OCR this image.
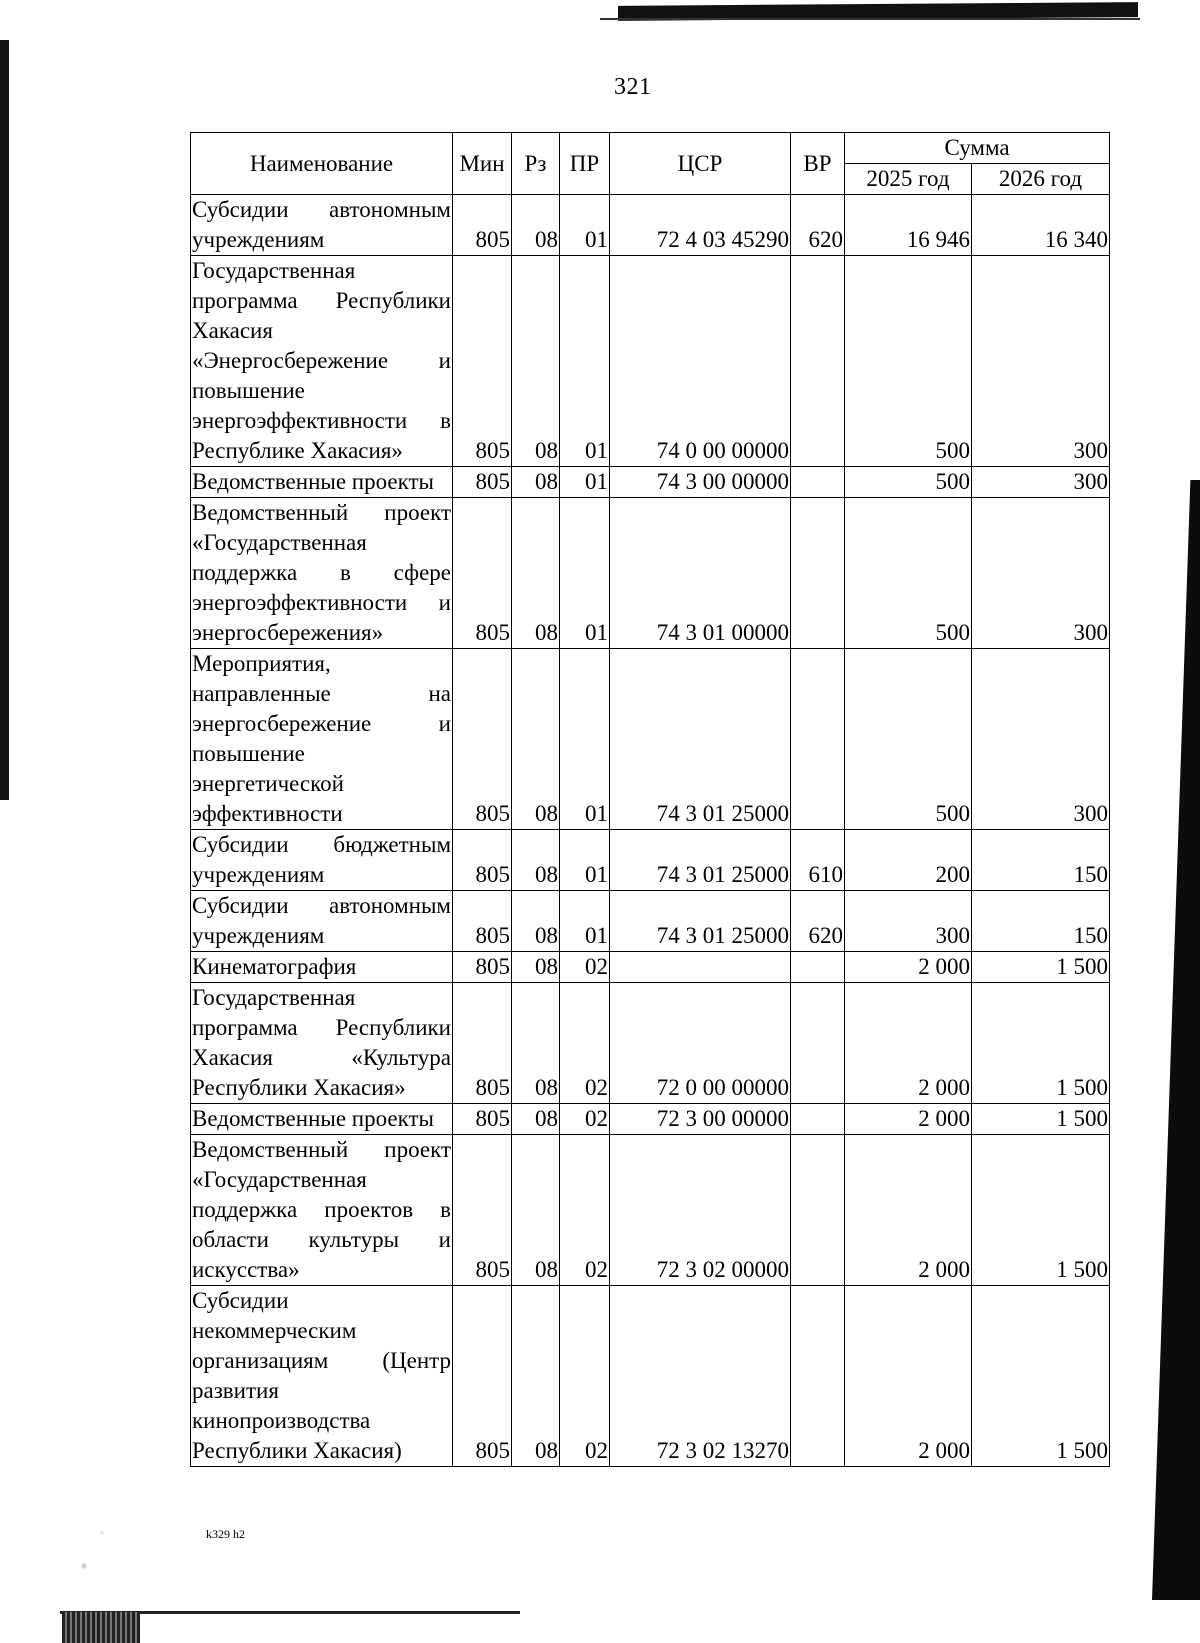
321
Наименование	Мин	Рз	ПР	ЦСР	ВР	Сумма	
						2025 год	2026 год
Субсидии автономным учреждениям	805	08	01	72 4 03 45290	620	16 946	16 340
Государственная программа Республики Хакасия «Энергосбережение и повышение энергоэффективности в Республике Хакасия»	805	08	01	74 0 00 00000		500	300
Ведомственные проекты	805	08	01	74 3 00 00000		500	300
Ведомственный проект «Государственная поддержка в сфере энергоэффективности и энергосбережения»	805	08	01	74 3 01 00000		500	300
Мероприятия, направленные на энергосбережение и повышение энергетической эффективности	805	08	01	74 3 01 25000		500	300
Субсидии бюджетным учреждениям	805	08	01	74 3 01 25000	610	200	150
Субсидии автономным учреждениям	805	08	01	74 3 01 25000	620	300	150
Кинематография	805	08	02			2 000	1 500
Государственная программа Республики Хакасия «Культура Республики Хакасия»	805	08	02	72 0 00 00000		2 000	1 500
Ведомственные проекты	805	08	02	72 3 00 00000		2 000	1 500
Ведомственный проект «Государственная поддержка проектов в области культуры и искусства»	805	08	02	72 3 02 00000		2 000	1 500
Субсидии некоммерческим организациям (Центр развития кинопроизводства Республики Хакасия)	805	08	02	72 3 02 13270		2 000	1 500
k329 h2
